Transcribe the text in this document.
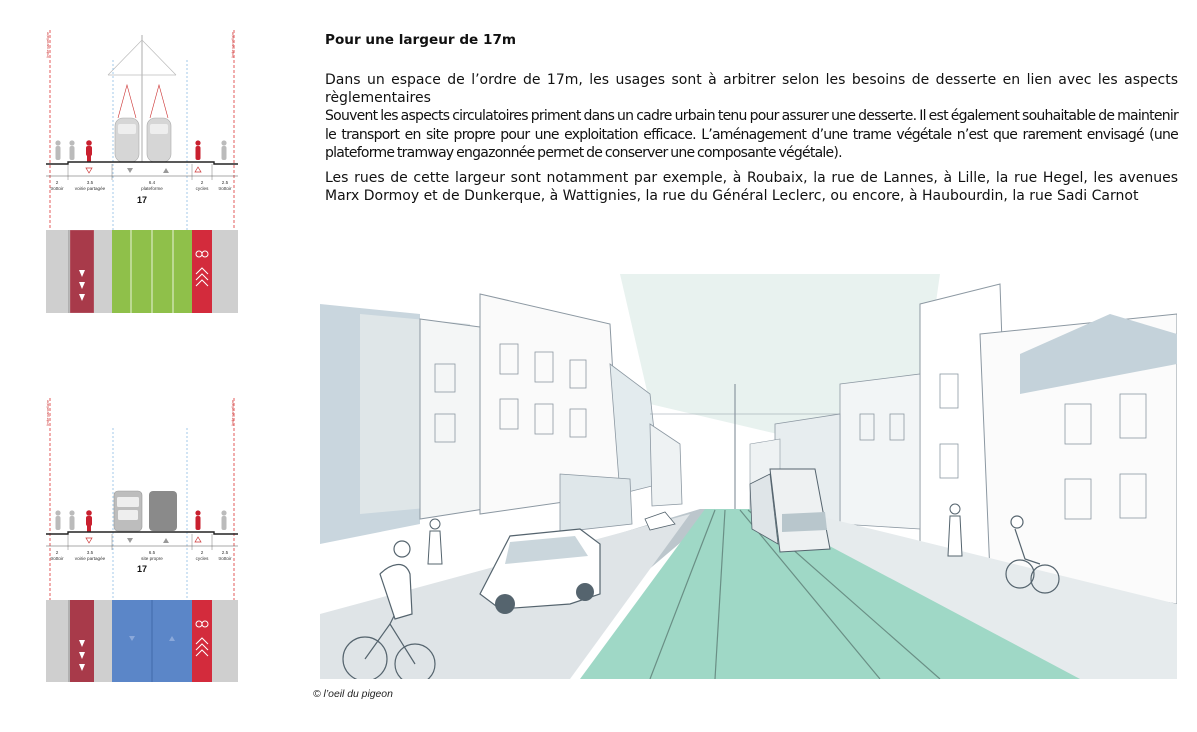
limite parcellaire	limite parcellaire
2	3.5	6.4	2	2.5
trottoir voirie partagée	plateforme	cycles trottoir
17
limite parcellaire	limite parcellaire
2	3.5	6.5	2	2.5
trottoir voirie partagée	site propre	cycles trottoir
17
Pour une largeur de 17m

Dans un espace de l’ordre de 17m, les usages sont à arbitrer selon les besoins de desserte en lien avec les aspects règlementaires
Souvent les aspects circulatoires priment dans un cadre urbain tenu pour assurer une desserte. Il est également souhaitable de maintenir le transport en site propre pour une exploitation efficace. L’aménagement d’une trame végétale n’est que rarement envisagé (une plateforme tramway engazonnée permet de conserver une composante végétale).

Les rues de cette largeur sont notamment par exemple, à Roubaix, la rue de Lannes, à Lille, la rue Hegel, les avenues Marx Dormoy et de Dunkerque, à Wattignies, la rue du Général Leclerc, ou encore, à Haubourdin, la rue Sadi Carnot

© l’oeil du pigeon
